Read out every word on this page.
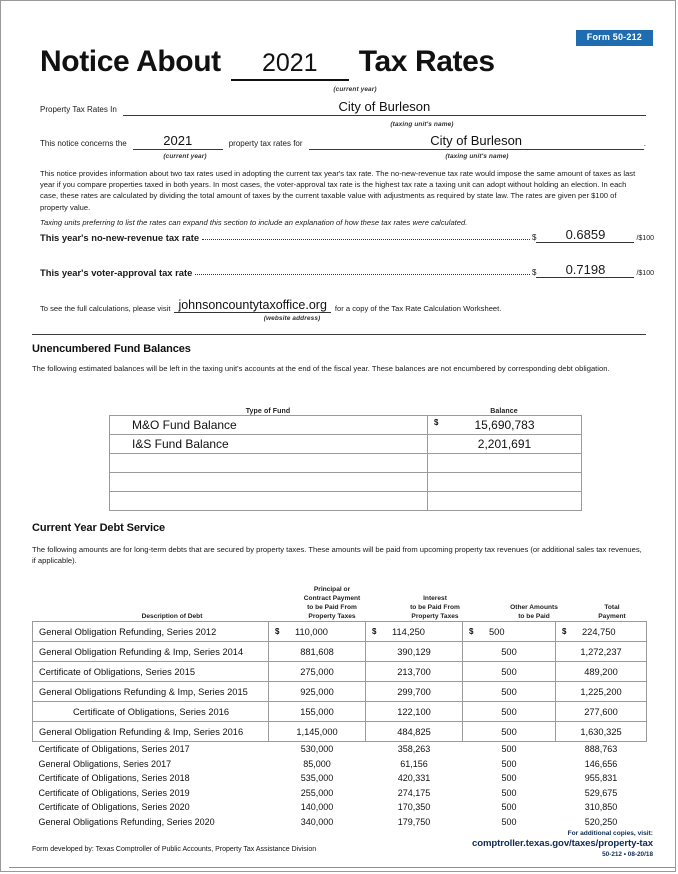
Form 50-212
Notice About	2021	Tax Rates
(current year)
Property Tax Rates In	City of Burleson
(taxing unit's name)
This notice concerns the	2021	property tax rates for	City of Burleson	.
(current year)	(taxing unit's name)
This notice provides information about two tax rates used in adopting the current tax year's tax rate. The no-new-revenue tax rate would impose the same amount of taxes as last year if you compare properties taxed in both years. In most cases, the voter-approval tax rate is the highest tax rate a taxing unit can adopt without holding an election. In each case, these rates are calculated by dividing the total amount of taxes by the current taxable value with adjustments as required by state law. The rates are given per $100 of property value.
Taxing units preferring to list the rates can expand this section to include an explanation of how these tax rates were calculated.
This year's no-new-revenue tax rate	$	0.6859	/$100
This year's voter-approval tax rate	$	0.7198	/$100
To see the full calculations, please visit johnsoncountytaxoffice.org	for a copy of the Tax Rate Calculation Worksheet.
(website address)
Unencumbered Fund Balances
The following estimated balances will be left in the taxing unit's accounts at the end of the fiscal year. These balances are not encumbered by corresponding debt obligation.
Type of Fund	Balance
M&O Fund Balance	$ 15,690,783
I&S Fund Balance	2,201,691

Current Year Debt Service
The following amounts are for long-term debts that are secured by property taxes. These amounts will be paid from upcoming property tax revenues (or additional sales tax revenues, if applicable).
Description of Debt
Principal or
Contract Payment
to be Paid From
Property Taxes
Interest
to be Paid From
Property Taxes
Other Amounts
to be Paid
Total
Payment
General Obligation Refunding, Series 2012	$ 110,000	$ 114,250	$ 500	$ 224,750
General Obligation Refunding & Imp, Series 2014	881,608	390,129	500	1,272,237
Certificate of Obligations, Series 2015	275,000	213,700	500	489,200
General Obligations Refunding & Imp, Series 2015	925,000	299,700	500	1,225,200
Certificate of Obligations, Series 2016	155,000	122,100	500	277,600
General Obligation Refunding & Imp, Series 2016	1,145,000	484,825	500	1,630,325
Certificate of Obligations, Series 2017	530,000	358,263	500	888,763
General Obligations, Series 2017	85,000	61,156	500	146,656
Certificate of Obligations, Series 2018	535,000	420,331	500	955,831
Certificate of Obligations, Series 2019	255,000	274,175	500	529,675
Certificate of Obligations, Series 2020	140,000	170,350	500	310,850
General Obligations Refunding, Series 2020	340,000	179,750	500	520,250
For additional copies, visit:
comptroller.texas.gov/taxes/property-tax
50-212 • 08-20/18
Form developed by: Texas Comptroller of Public Accounts, Property Tax Assistance Division
